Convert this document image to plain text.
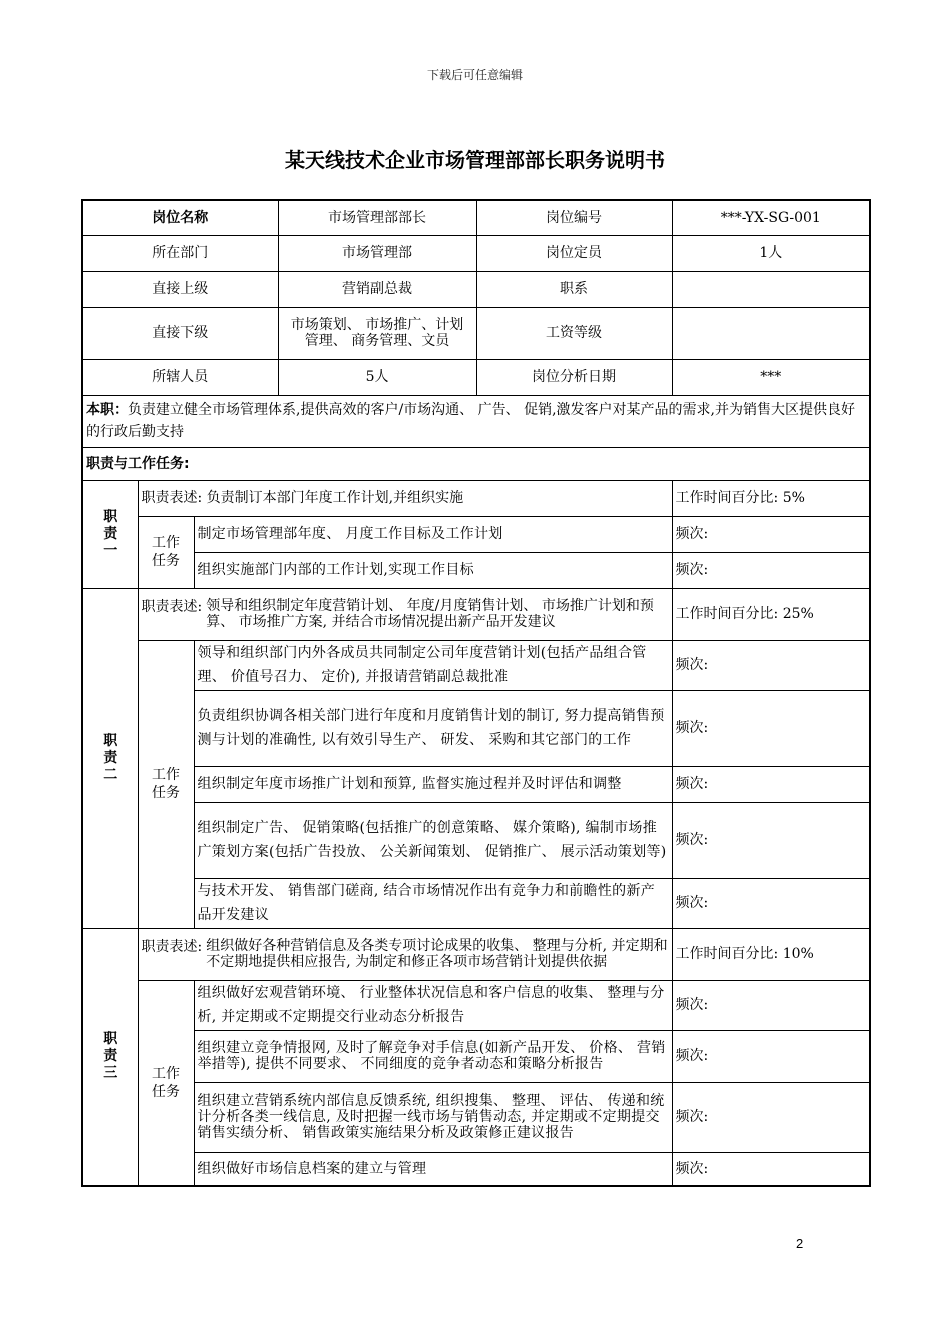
下载后可任意编辑
某天线技术企业市场管理部部长职务说明书
岗位名称			市场管理部部长	岗位编号	***-YX-SG-001
所在部门			市场管理部	岗位定员	1人
直接上级			营销副总裁	职系	
直接下级			市场策划、 市场推广、计划管理、 商务管理、文员	工资等级	
所辖人员			5人	岗位分析日期	***
本职：负责建立健全市场管理体系,提供高效的客户/市场沟通、 广告、 促销,激发客户对某产品的需求,并为销售大区提供良好的行政后勤支持					
职责与工作任务:					

职
责
一	职责表述: 负责制订本部门年度工作计划,并组织实施				工作时间百分比: 5%
	工作
任务	制定市场管理部年度、 月度工作目标及工作计划			频次:
		组织实施部门内部的工作计划,实现工作目标			频次:

职
责
二	职责表述: 领导和组织制定年度营销计划、 年度/月度销售计划、 市场推广计划和预算、 市场推广方案, 并结合市场情况提出新产品开发建议				工作时间百分比: 25%
	工作
任务	领导和组织部门内外各成员共同制定公司年度营销计划(包括产品组合管理、 价值号召力、 定价), 并报请营销副总裁批准			频次:
		负责组织协调各相关部门进行年度和月度销售计划的制订, 努力提高销售预测与计划的准确性, 以有效引导生产、 研发、 采购和其它部门的工作			频次:
		组织制定年度市场推广计划和预算, 监督实施过程并及时评估和调整			频次:
		组织制定广告、 促销策略(包括推广的创意策略、 媒介策略), 编制市场推广策划方案(包括广告投放、 公关新闻策划、 促销推广、 展示活动策划等)			频次:
		与技术开发、 销售部门磋商, 结合市场情况作出有竞争力和前瞻性的新产品开发建议			频次:

职
责
三	职责表述: 组织做好各种营销信息及各类专项讨论成果的收集、 整理与分析, 并定期和不定期地提供相应报告, 为制定和修正各项市场营销计划提供依据				工作时间百分比: 10%
	工作
任务	组织做好宏观营销环境、 行业整体状况信息和客户信息的收集、 整理与分析, 并定期或不定期提交行业动态分析报告			频次:
		组织建立竞争情报网, 及时了解竞争对手信息(如新产品开发、 价格、 营销举措等), 提供不同要求、 不同细度的竞争者动态和策略分析报告			频次:
		组织建立营销系统内部信息反馈系统, 组织搜集、 整理、 评估、 传递和统计分析各类一线信息, 及时把握一线市场与销售动态, 并定期或不定期提交销售实绩分析、 销售政策实施结果分析及政策修正建议报告			频次:
		组织做好市场信息档案的建立与管理			频次:
2
